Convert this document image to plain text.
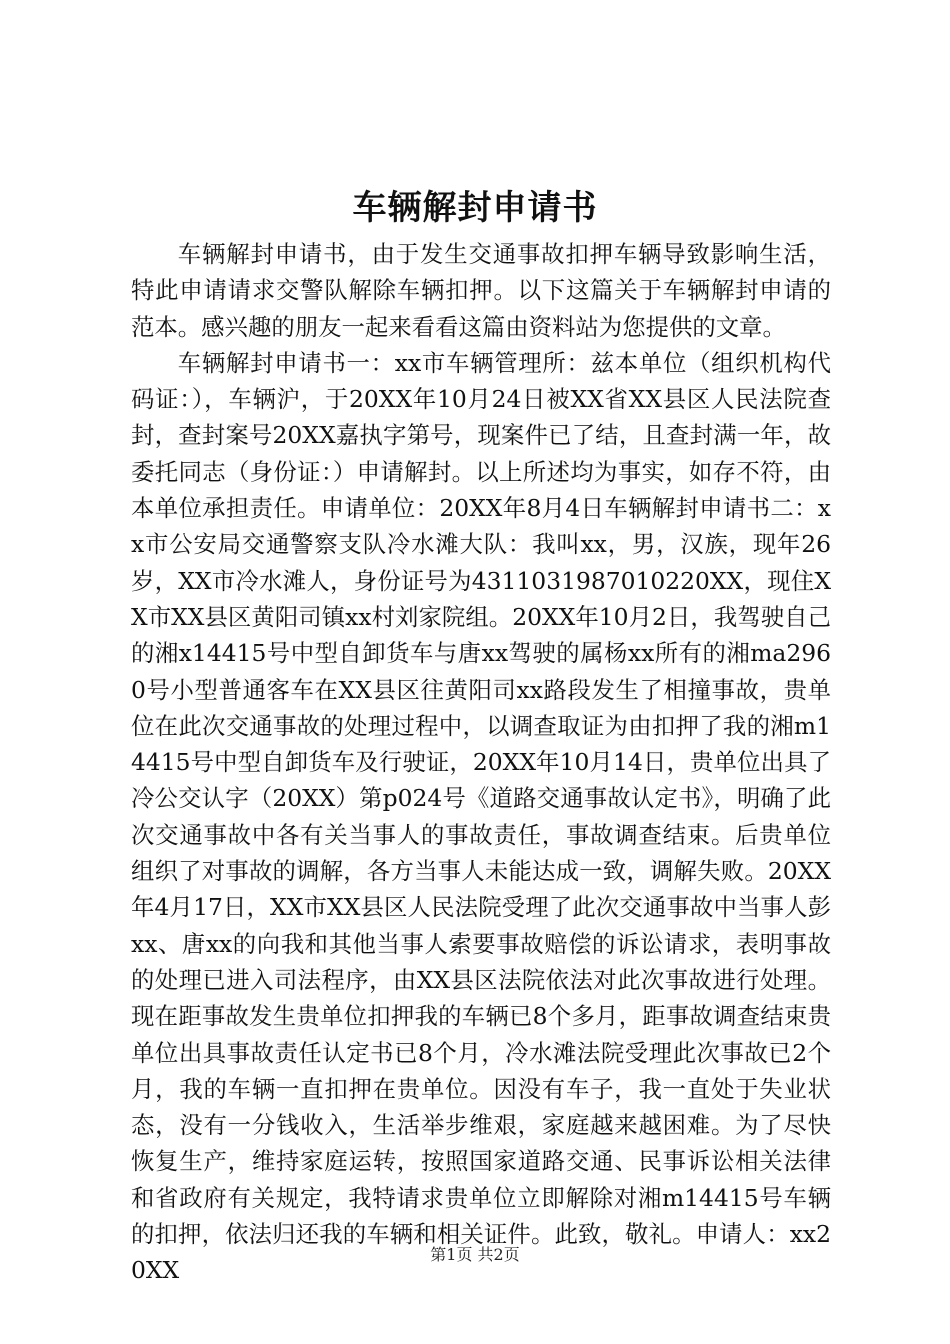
车辆解封申请书

车辆解封申请书，由于发生交通事故扣押车辆导致影响生活，特此申请请求交警队解除车辆扣押。以下这篇关于车辆解封申请的范本。感兴趣的朋友一起来看看这篇由资料站为您提供的文章。

车辆解封申请书一：xx市车辆管理所：兹本单位（组织机构代码证：），车辆沪，于20XX年10月24日被XX省XX县区人民法院查封，查封案号20XX嘉执字第号，现案件已了结，且查封满一年，故委托同志（身份证：）申请解封。以上所述均为事实，如存不符，由本单位承担责任。申请单位：20XX年8月4日车辆解封申请书二：xx市公安局交通警察支队冷水滩大队：我叫xx，男，汉族，现年26岁，XX市冷水滩人，身份证号为4311031987010220XX，现住XX市XX县区黄阳司镇xx村刘家院组。20XX年10月2日，我驾驶自己的湘x14415号中型自卸货车与唐xx驾驶的属杨xx所有的湘ma2960号小型普通客车在XX县区往黄阳司xx路段发生了相撞事故，贵单位在此次交通事故的处理过程中，以调查取证为由扣押了我的湘m14415号中型自卸货车及行驶证，20XX年10月14日，贵单位出具了冷公交认字（20XX）第p024号《道路交通事故认定书》，明确了此次交通事故中各有关当事人的事故责任，事故调查结束。后贵单位组织了对事故的调解，各方当事人未能达成一致，调解失败。20XX年4月17日，XX市XX县区人民法院受理了此次交通事故中当事人彭xx、唐xx的向我和其他当事人索要事故赔偿的诉讼请求，表明事故的处理已进入司法程序，由XX县区法院依法对此次事故进行处理。现在距事故发生贵单位扣押我的车辆已8个多月，距事故调查结束贵单位出具事故责任认定书已8个月，冷水滩法院受理此次事故已2个月，我的车辆一直扣押在贵单位。因没有车子，我一直处于失业状态，没有一分钱收入，生活举步维艰，家庭越来越困难。为了尽快恢复生产，维持家庭运转，按照国家道路交通、民事诉讼相关法律和省政府有关规定，我特请求贵单位立即解除对湘m14415号车辆的扣押，依法归还我的车辆和相关证件。此致，敬礼。申请人：xx20XX

第1页 共2页
